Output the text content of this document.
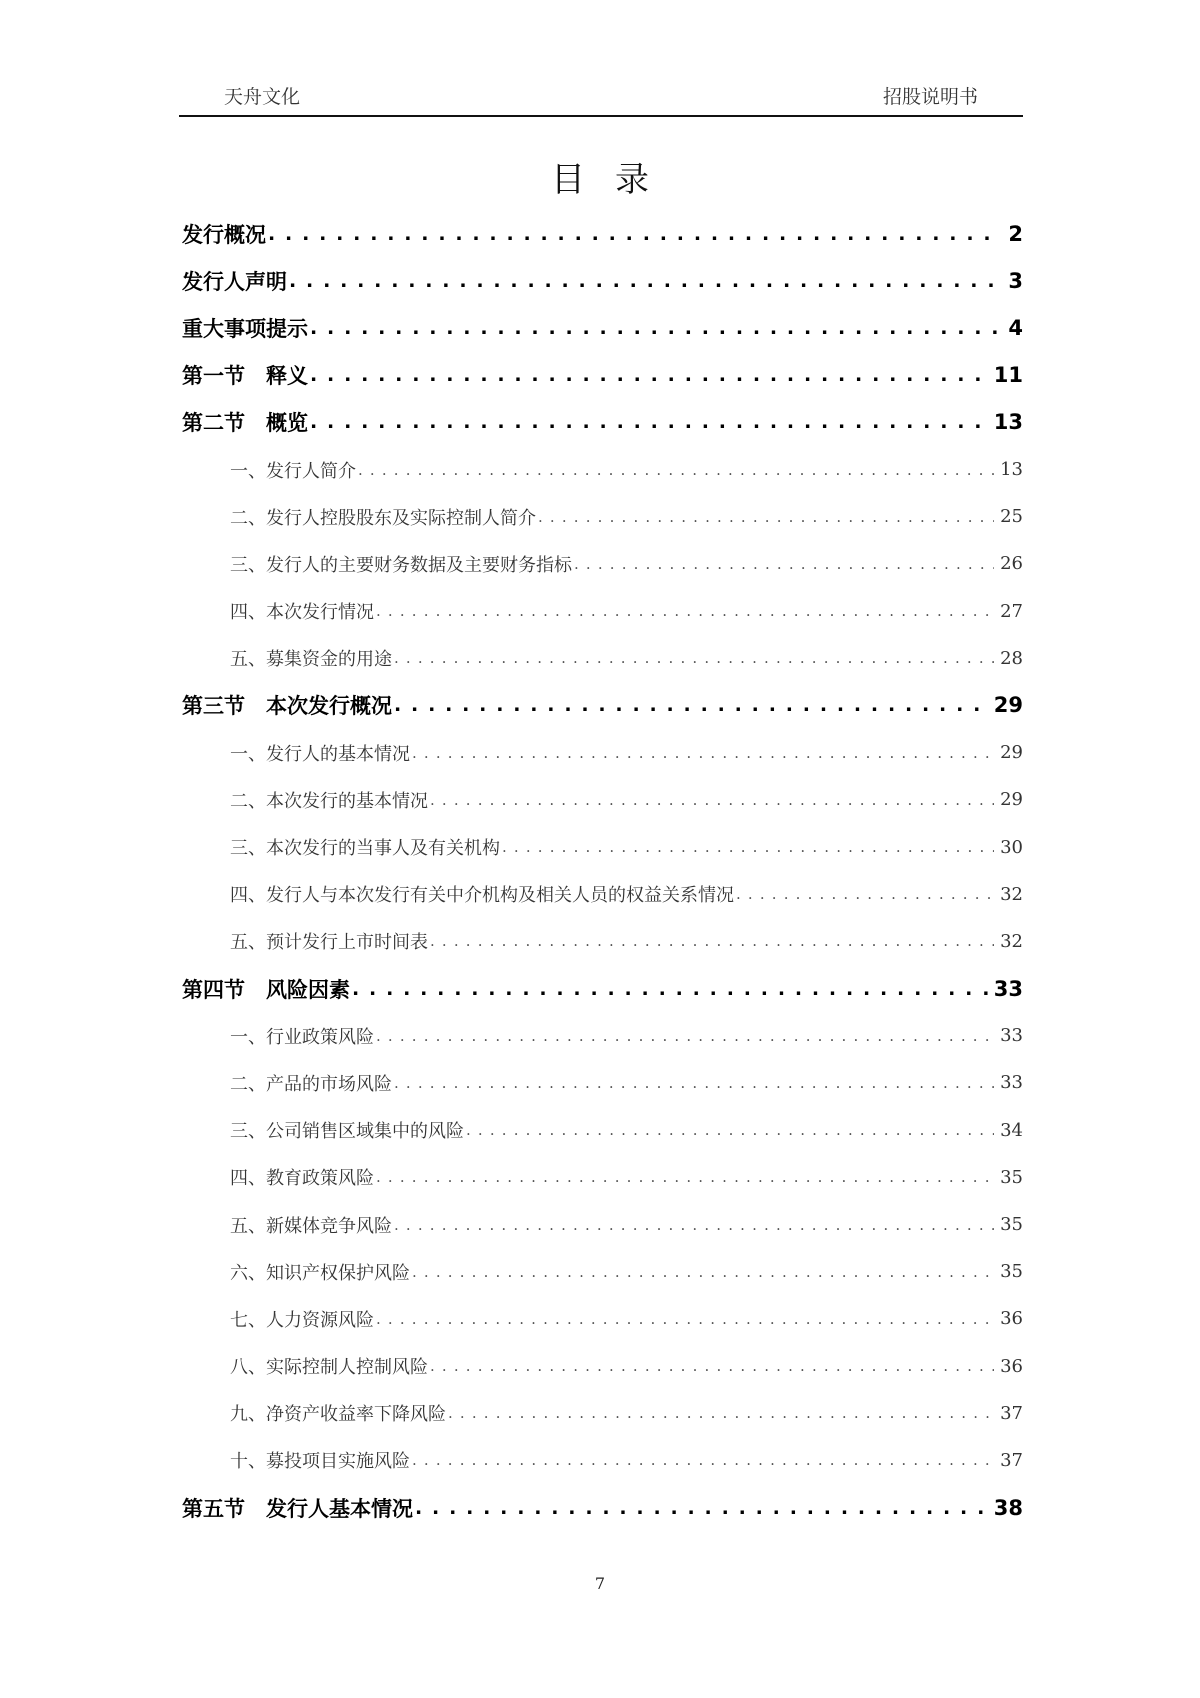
天舟文化	招股说明书
目录
发行概况 . . .	2
发行人声明 . . .	3
重大事项提示 . . .	4
第一节　释义 . . .	11
第二节　概览 . . .	13
一、发行人简介 . . .	13
二、发行人控股股东及实际控制人简介 . . .	25
三、发行人的主要财务数据及主要财务指标 . . .	26
四、本次发行情况 . . .	27
五、募集资金的用途 . . .	28
第三节　本次发行概况 . . .	29
一、发行人的基本情况 . . .	29
二、本次发行的基本情况 . . .	29
三、本次发行的当事人及有关机构 . . .	30
四、发行人与本次发行有关中介机构及相关人员的权益关系情况 . . .	32
五、预计发行上市时间表 . . .	32
第四节　风险因素 . . .	33
一、行业政策风险 . . .	33
二、产品的市场风险 . . .	33
三、公司销售区域集中的风险 . . .	34
四、教育政策风险 . . .	35
五、新媒体竞争风险 . . .	35
六、知识产权保护风险 . . .	35
七、人力资源风险 . . .	36
八、实际控制人控制风险 . . .	36
九、净资产收益率下降风险 . . .	37
十、募投项目实施风险 . . .	37
第五节　发行人基本情况 . . .	38
7
